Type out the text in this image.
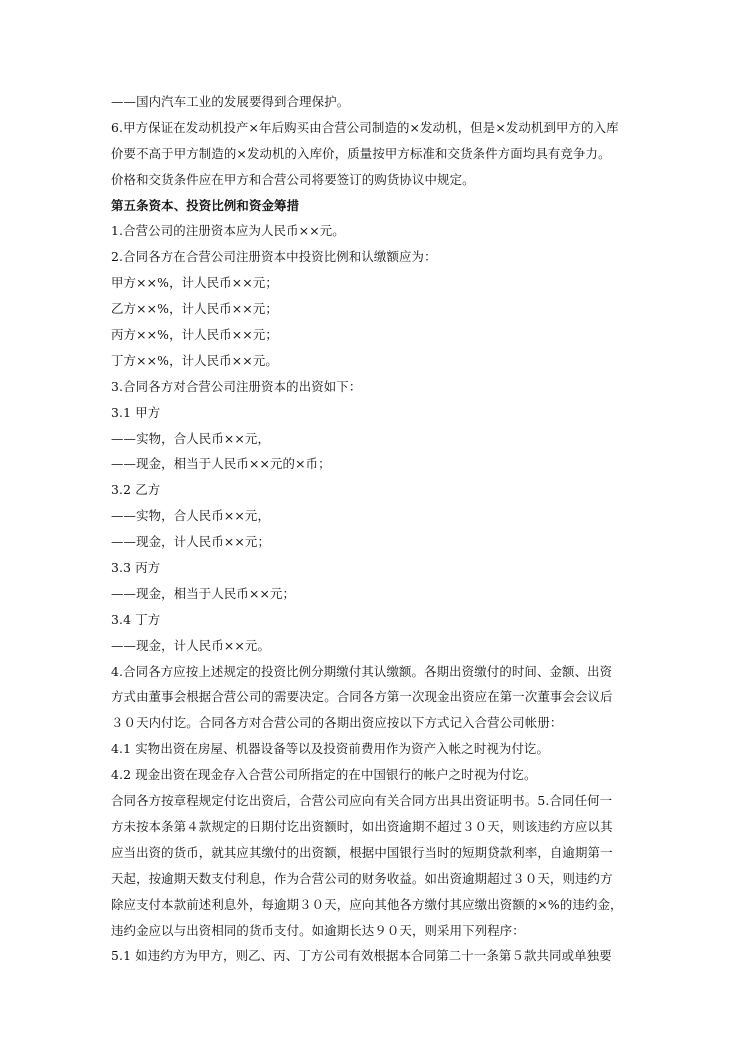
——国内汽车工业的发展要得到合理保护。
6.甲方保证在发动机投产×年后购买由合营公司制造的×发动机，但是×发动机到甲方的入库
价要不高于甲方制造的×发动机的入库价，质量按甲方标准和交货条件方面均具有竞争力。
价格和交货条件应在甲方和合营公司将要签订的购货协议中规定。
第五条资本、投资比例和资金筹措
1.合营公司的注册资本应为人民币××元。
2.合同各方在合营公司注册资本中投资比例和认缴额应为：
甲方××%，计人民币××元；
乙方××%，计人民币××元；
丙方××%，计人民币××元；
丁方××%，计人民币××元。
3.合同各方对合营公司注册资本的出资如下：
3.1 甲方
——实物，合人民币××元，
——现金，相当于人民币××元的×币；
3.2 乙方
——实物，合人民币××元，
——现金，计人民币××元；
3.3 丙方
——现金，相当于人民币××元；
3.4 丁方
——现金，计人民币××元。
4.合同各方应按上述规定的投资比例分期缴付其认缴额。各期出资缴付的时间、金额、出资
方式由董事会根据合营公司的需要决定。合同各方第一次现金出资应在第一次董事会会议后
３０天内付讫。合同各方对合营公司的各期出资应按以下方式记入合营公司帐册：
4.1 实物出资在房屋、机器设备等以及投资前费用作为资产入帐之时视为付讫。
4.2 现金出资在现金存入合营公司所指定的在中国银行的帐户之时视为付讫。
合同各方按章程规定付讫出资后，合营公司应向有关合同方出具出资证明书。5.合同任何一
方未按本条第４款规定的日期付讫出资额时，如出资逾期不超过３０天，则该违约方应以其
应当出资的货币，就其应其缴付的出资额，根据中国银行当时的短期贷款利率，自逾期第一
天起，按逾期天数支付利息，作为合营公司的财务收益。如出资逾期超过３０天，则违约方
除应支付本款前述利息外，每逾期３０天，应向其他各方缴付其应缴出资额的×%的违约金，
违约金应以与出资相同的货币支付。如逾期长达９０天，则采用下列程序：
5.1 如违约方为甲方，则乙、丙、丁方公司有效根据本合同第二十一条第５款共同或单独要
